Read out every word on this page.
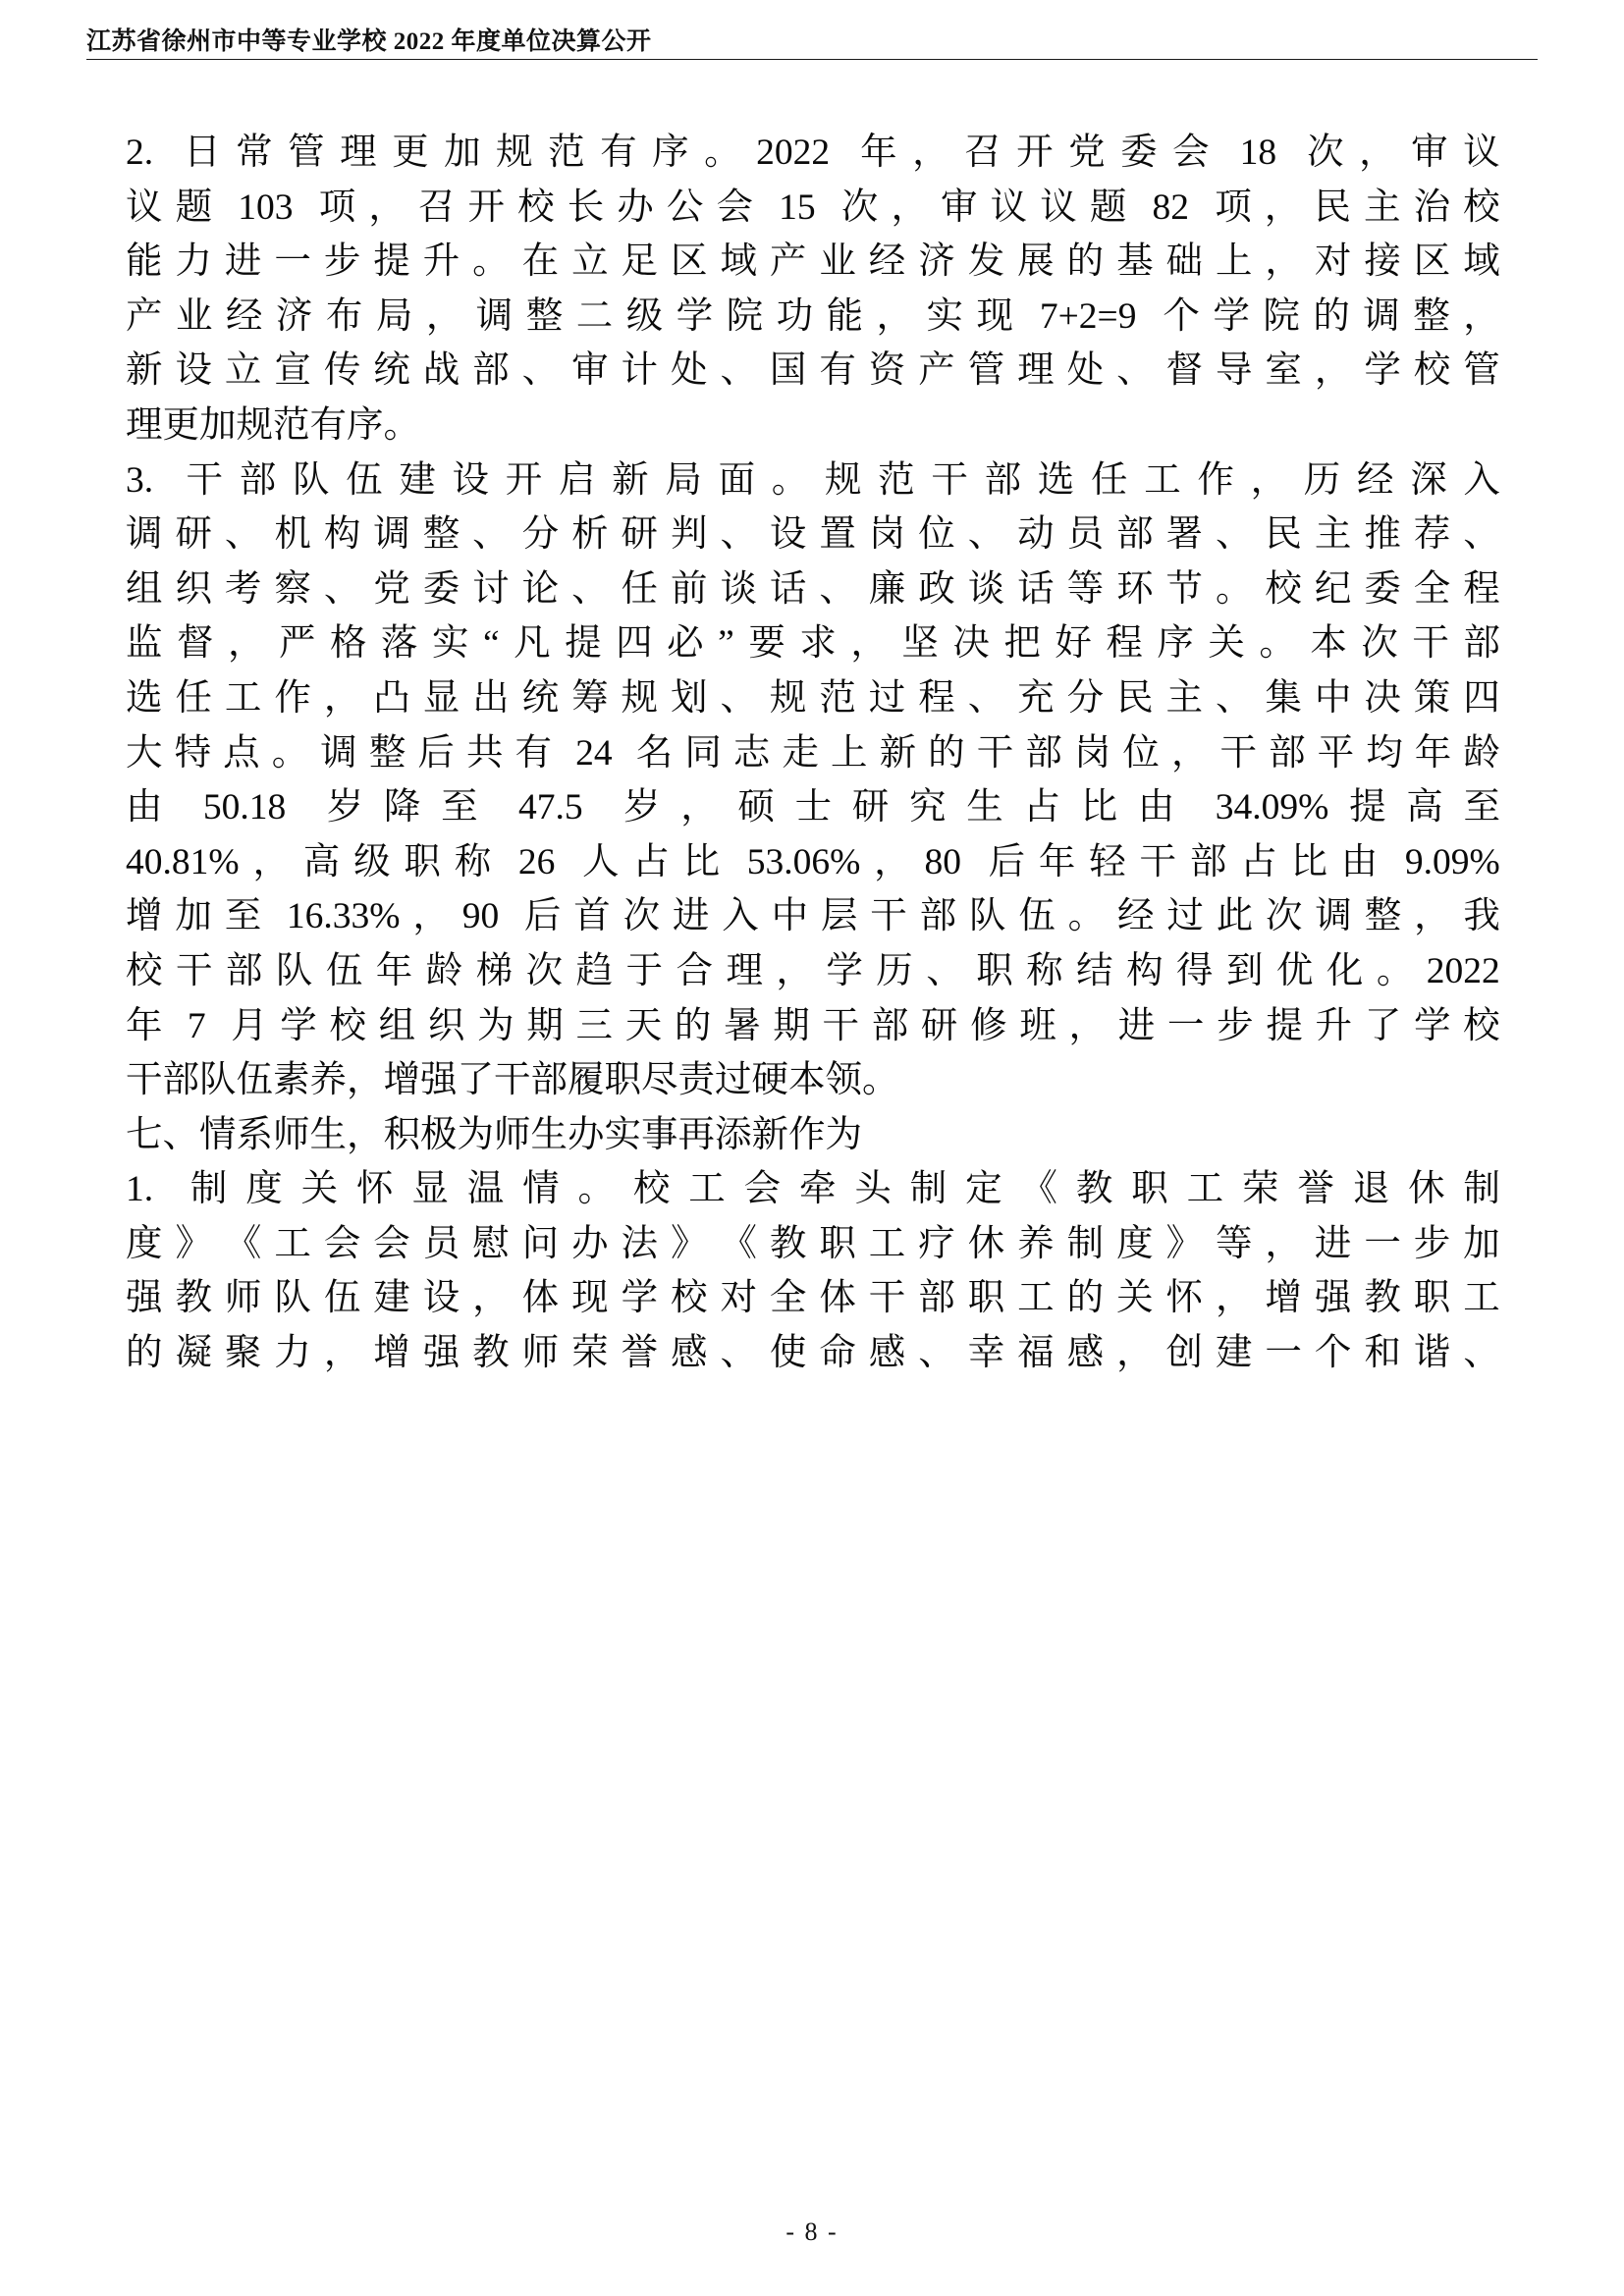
江苏省徐州市中等专业学校 2022 年度单位决算公开
2. 日 常 管 理 更 加 规 范 有 序 。 2022 年 ， 召 开 党 委 会 18 次 ， 审 议
议 题 103 项 ， 召 开 校 长 办 公 会 15 次 ， 审 议 议 题 82 项 ， 民 主 治 校
能 力 进 一 步 提 升 。 在 立 足 区 域 产 业 经 济 发 展 的 基 础 上 ， 对 接 区 域
产 业 经 济 布 局 ， 调 整 二 级 学 院 功 能 ， 实 现 7+2=9 个 学 院 的 调 整 ，
新 设 立 宣 传 统 战 部 、 审 计 处 、 国 有 资 产 管 理 处 、 督 导 室 ， 学 校 管
理更加规范有序。
3. 干 部 队 伍 建 设 开 启 新 局 面 。 规 范 干 部 选 任 工 作 ， 历 经 深 入
调 研 、 机 构 调 整 、 分 析 研 判 、 设 置 岗 位 、 动 员 部 署 、 民 主 推 荐 、
组 织 考 察 、 党 委 讨 论 、 任 前 谈 话 、 廉 政 谈 话 等 环 节 。 校 纪 委 全 程
监 督 ， 严 格 落 实 “ 凡 提 四 必 ” 要 求 ， 坚 决 把 好 程 序 关 。 本 次 干 部
选 任 工 作 ， 凸 显 出 统 筹 规 划 、 规 范 过 程 、 充 分 民 主 、 集 中 决 策 四
大 特 点 。 调 整 后 共 有 24 名 同 志 走 上 新 的 干 部 岗 位 ， 干 部 平 均 年 龄
由 50.18 岁 降 至 47.5 岁 ， 硕 士 研 究 生 占 比 由 34.09% 提 高 至
40.81% ， 高 级 职 称 26 人 占 比 53.06% ， 80 后 年 轻 干 部 占 比 由 9.09%
增 加 至 16.33% ， 90 后 首 次 进 入 中 层 干 部 队 伍 。 经 过 此 次 调 整 ， 我
校 干 部 队 伍 年 龄 梯 次 趋 于 合 理 ， 学 历 、 职 称 结 构 得 到 优 化 。 2022
年 7 月 学 校 组 织 为 期 三 天 的 暑 期 干 部 研 修 班 ， 进 一 步 提 升 了 学 校
干部队伍素养，增强了干部履职尽责过硬本领。
七、情系师生，积极为师生办实事再添新作为
1. 制 度 关 怀 显 温 情 。 校 工 会 牵 头 制 定 《 教 职 工 荣 誉 退 休 制
度 》 《 工 会 会 员 慰 问 办 法 》 《 教 职 工 疗 休 养 制 度 》 等 ， 进 一 步 加
强 教 师 队 伍 建 设 ， 体 现 学 校 对 全 体 干 部 职 工 的 关 怀 ， 增 强 教 职 工
的 凝 聚 力 ， 增 强 教 师 荣 誉 感 、 使 命 感 、 幸 福 感 ， 创 建 一 个 和 谐 、
- 8 -
